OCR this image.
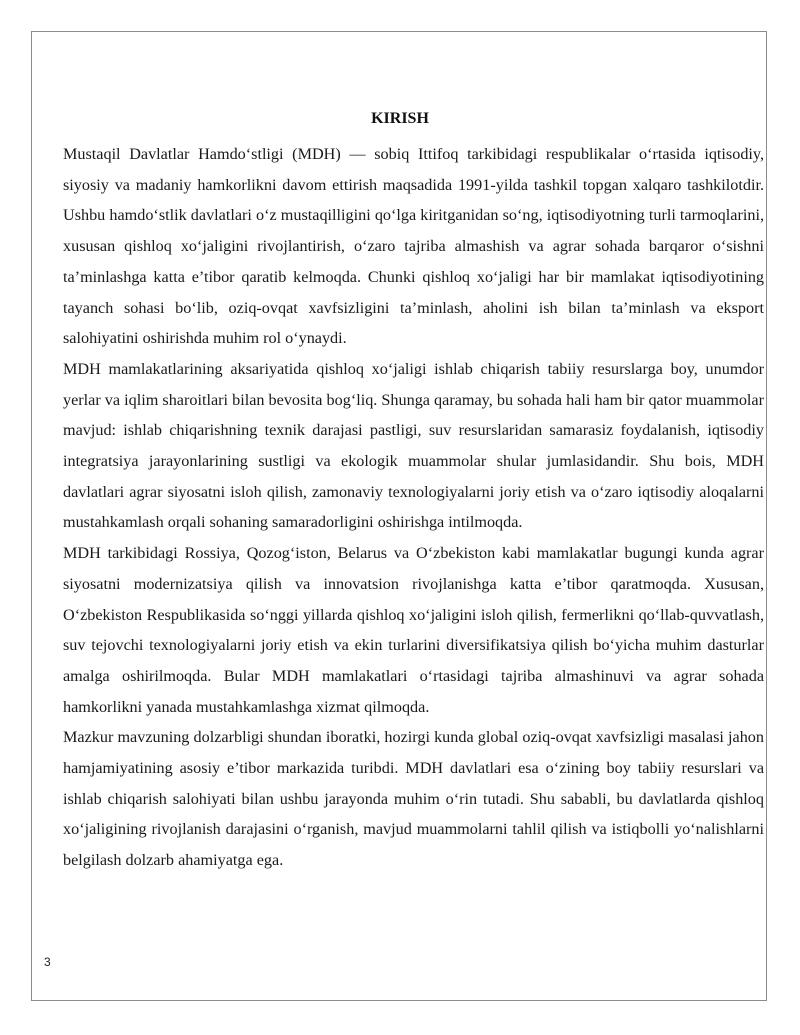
KIRISH

Mustaqil Davlatlar Hamdo‘stligi (MDH) — sobiq Ittifoq tarkibidagi respublikalar o‘rtasida iqtisodiy, siyosiy va madaniy hamkorlikni davom ettirish maqsadida 1991-yilda tashkil topgan xalqaro tashkilotdir. Ushbu hamdo‘stlik davlatlari o‘z mustaqilligini qo‘lga kiritganidan so‘ng, iqtisodiyotning turli tarmoqlarini, xususan qishloq xo‘jaligini rivojlantirish, o‘zaro tajriba almashish va agrar sohada barqaror o‘sishni ta’minlashga katta e’tibor qaratib kelmoqda. Chunki qishloq xo‘jaligi har bir mamlakat iqtisodiyotining tayanch sohasi bo‘lib, oziq-ovqat xavfsizligini ta’minlash, aholini ish bilan ta’minlash va eksport salohiyatini oshirishda muhim rol o‘ynaydi.

MDH mamlakatlarining aksariyatida qishloq xo‘jaligi ishlab chiqarish tabiiy resurslarga boy, unumdor yerlar va iqlim sharoitlari bilan bevosita bog‘liq. Shunga qaramay, bu sohada hali ham bir qator muammolar mavjud: ishlab chiqarishning texnik darajasi pastligi, suv resurslaridan samarasiz foydalanish, iqtisodiy integratsiya jarayonlarining sustligi va ekologik muammolar shular jumlasidandir. Shu bois, MDH davlatlari agrar siyosatni isloh qilish, zamonaviy texnologiyalarni joriy etish va o‘zaro iqtisodiy aloqalarni mustahkamlash orqali sohaning samaradorligini oshirishga intilmoqda.

MDH tarkibidagi Rossiya, Qozog‘iston, Belarus va O‘zbekiston kabi mamlakatlar bugungi kunda agrar siyosatni modernizatsiya qilish va innovatsion rivojlanishga katta e’tibor qaratmoqda. Xususan, O‘zbekiston Respublikasida so‘nggi yillarda qishloq xo‘jaligini isloh qilish, fermerlikni qo‘llab-quvvatlash, suv tejovchi texnologiyalarni joriy etish va ekin turlarini diversifikatsiya qilish bo‘yicha muhim dasturlar amalga oshirilmoqda. Bular MDH mamlakatlari o‘rtasidagi tajriba almashinuvi va agrar sohada hamkorlikni yanada mustahkamlashga xizmat qilmoqda.

Mazkur mavzuning dolzarbligi shundan iboratki, hozirgi kunda global oziq-ovqat xavfsizligi masalasi jahon hamjamiyatining asosiy e’tibor markazida turibdi. MDH davlatlari esa o‘zining boy tabiiy resurslari va ishlab chiqarish salohiyati bilan ushbu jarayonda muhim o‘rin tutadi. Shu sababli, bu davlatlarda qishloq xo‘jaligining rivojlanish darajasini o‘rganish, mavjud muammolarni tahlil qilish va istiqbolli yo‘nalishlarni belgilash dolzarb ahamiyatga ega.

3
